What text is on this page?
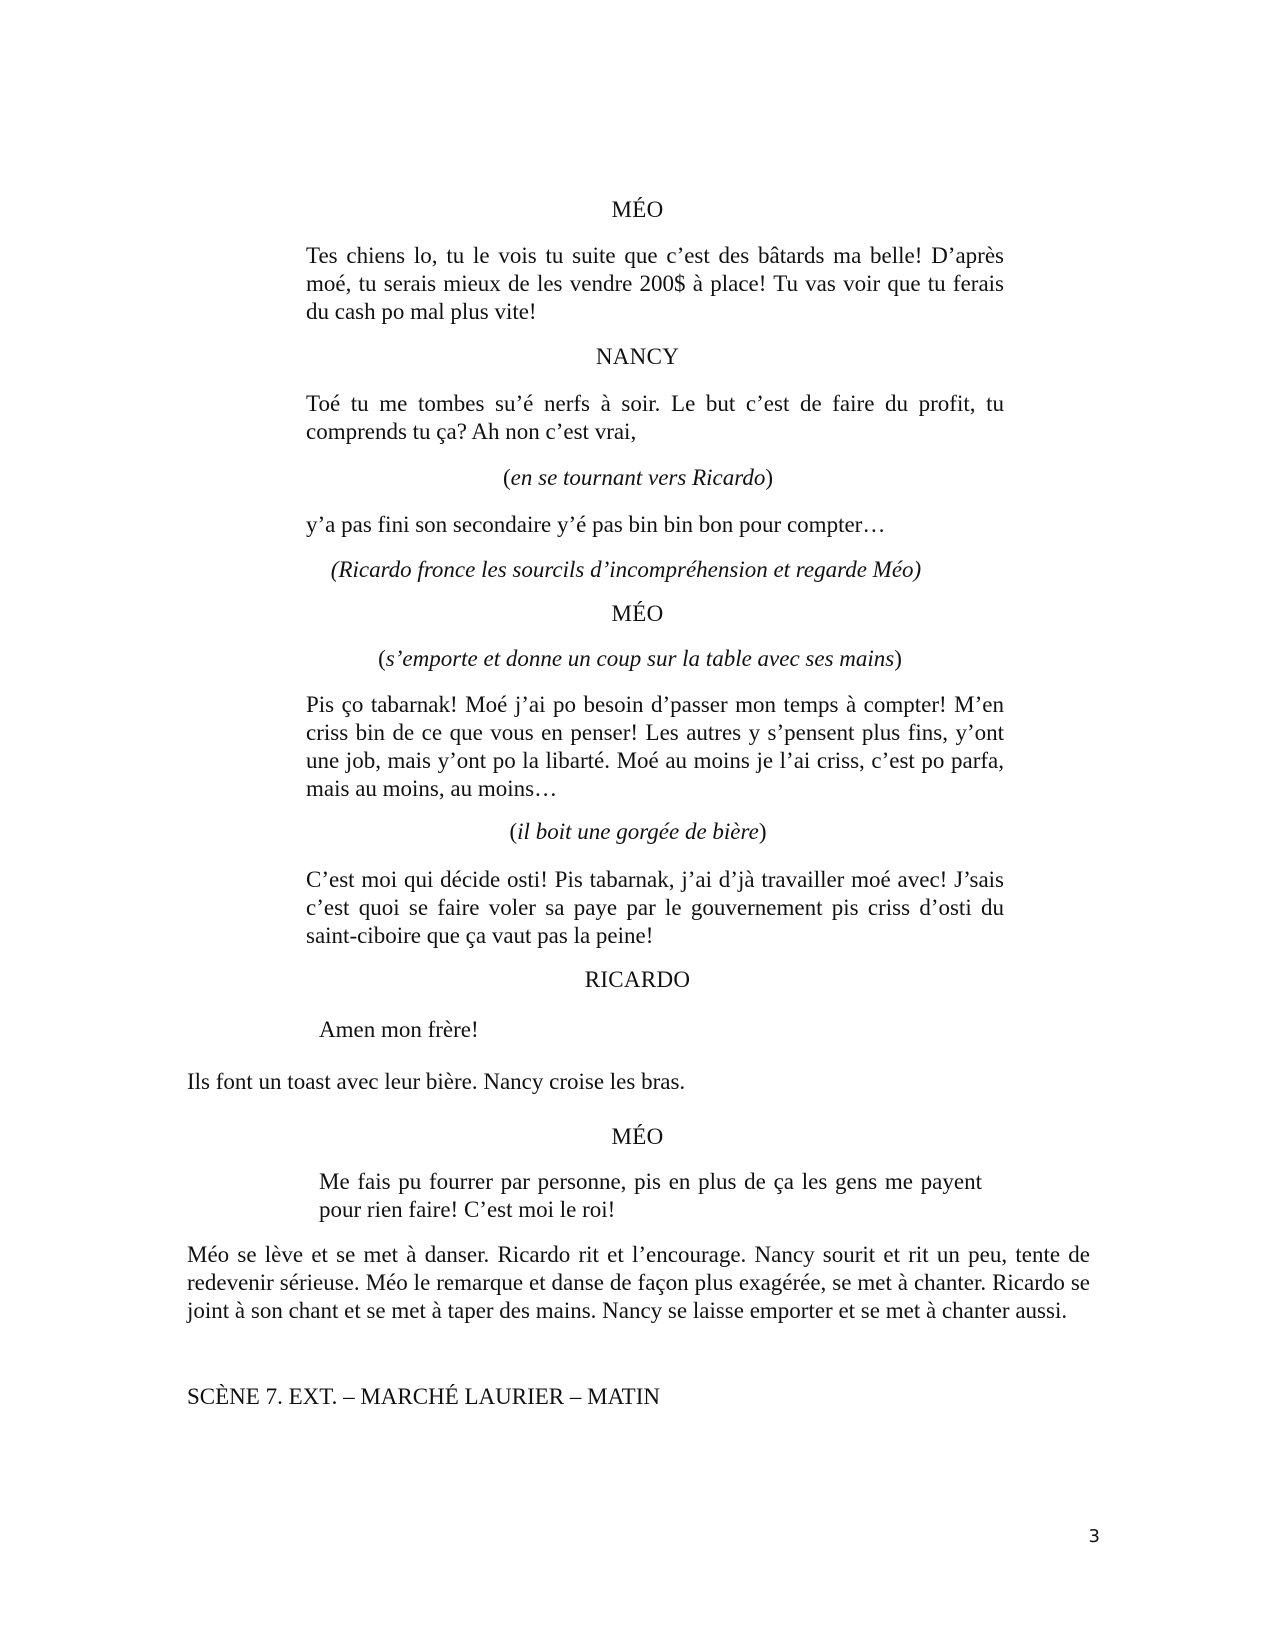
MÉO

Tes chiens lo, tu le vois tu suite que c’est des bâtards ma belle! D’après moé, tu serais mieux de les vendre 200$ à place! Tu vas voir que tu ferais du cash po mal plus vite!

NANCY

Toé tu me tombes su’é nerfs à soir. Le but c’est de faire du profit, tu comprends tu ça? Ah non c’est vrai,

(en se tournant vers Ricardo)

y’a pas fini son secondaire y’é pas bin bin bon pour compter…

(Ricardo fronce les sourcils d’incompréhension et regarde Méo)
MÉO
(s’emporte et donne un coup sur la table avec ses mains)

Pis ço tabarnak! Moé j’ai po besoin d’passer mon temps à compter! M’en criss bin de ce que vous en penser! Les autres y s’pensent plus fins, y’ont une job, mais y’ont po la libarté. Moé au moins je l’ai criss, c’est po parfa, mais au moins, au moins…

(il boit une gorgée de bière)

C’est moi qui décide osti! Pis tabarnak, j’ai d’jà travailler moé avec! J’sais c’est quoi se faire voler sa paye par le gouvernement pis criss d’osti du saint-ciboire que ça vaut pas la peine!

RICARDO

Amen mon frère!

Ils font un toast avec leur bière. Nancy croise les bras.

MÉO

Me fais pu fourrer par personne, pis en plus de ça les gens me payent pour rien faire! C’est moi le roi!

Méo se lève et se met à danser. Ricardo rit et l’encourage. Nancy sourit et rit un peu, tente de redevenir sérieuse. Méo le remarque et danse de façon plus exagérée, se met à chanter. Ricardo se joint à son chant et se met à taper des mains. Nancy se laisse emporter et se met à chanter aussi.

SCÈNE 7. EXT. – MARCHÉ LAURIER – MATIN

3
